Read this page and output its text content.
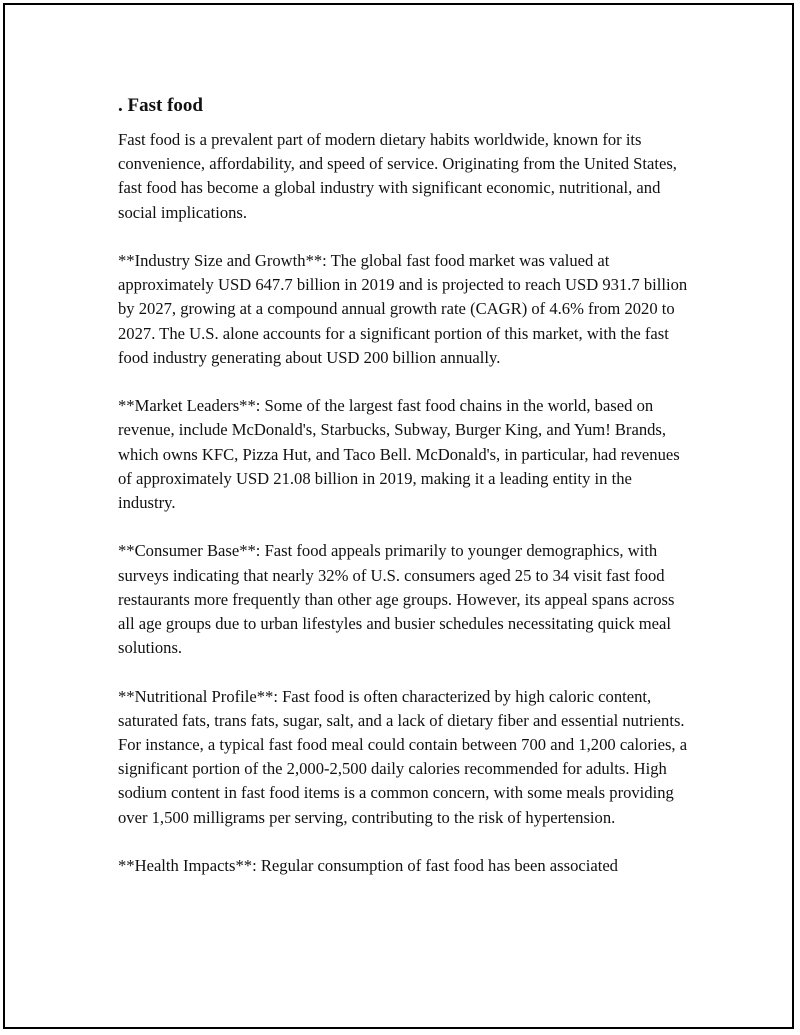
. Fast food

Fast food is a prevalent part of modern dietary habits worldwide, known for its convenience, affordability, and speed of service. Originating from the United States, fast food has become a global industry with significant economic, nutritional, and social implications.

**Industry Size and Growth**: The global fast food market was valued at approximately USD 647.7 billion in 2019 and is projected to reach USD 931.7 billion by 2027, growing at a compound annual growth rate (CAGR) of 4.6% from 2020 to 2027. The U.S. alone accounts for a significant portion of this market, with the fast food industry generating about USD 200 billion annually.

**Market Leaders**: Some of the largest fast food chains in the world, based on revenue, include McDonald's, Starbucks, Subway, Burger King, and Yum! Brands, which owns KFC, Pizza Hut, and Taco Bell. McDonald's, in particular, had revenues of approximately USD 21.08 billion in 2019, making it a leading entity in the industry.

**Consumer Base**: Fast food appeals primarily to younger demographics, with surveys indicating that nearly 32% of U.S. consumers aged 25 to 34 visit fast food restaurants more frequently than other age groups. However, its appeal spans across all age groups due to urban lifestyles and busier schedules necessitating quick meal solutions.

**Nutritional Profile**: Fast food is often characterized by high caloric content, saturated fats, trans fats, sugar, salt, and a lack of dietary fiber and essential nutrients. For instance, a typical fast food meal could contain between 700 and 1,200 calories, a significant portion of the 2,000-2,500 daily calories recommended for adults. High sodium content in fast food items is a common concern, with some meals providing over 1,500 milligrams per serving, contributing to the risk of hypertension.

**Health Impacts**: Regular consumption of fast food has been associated
